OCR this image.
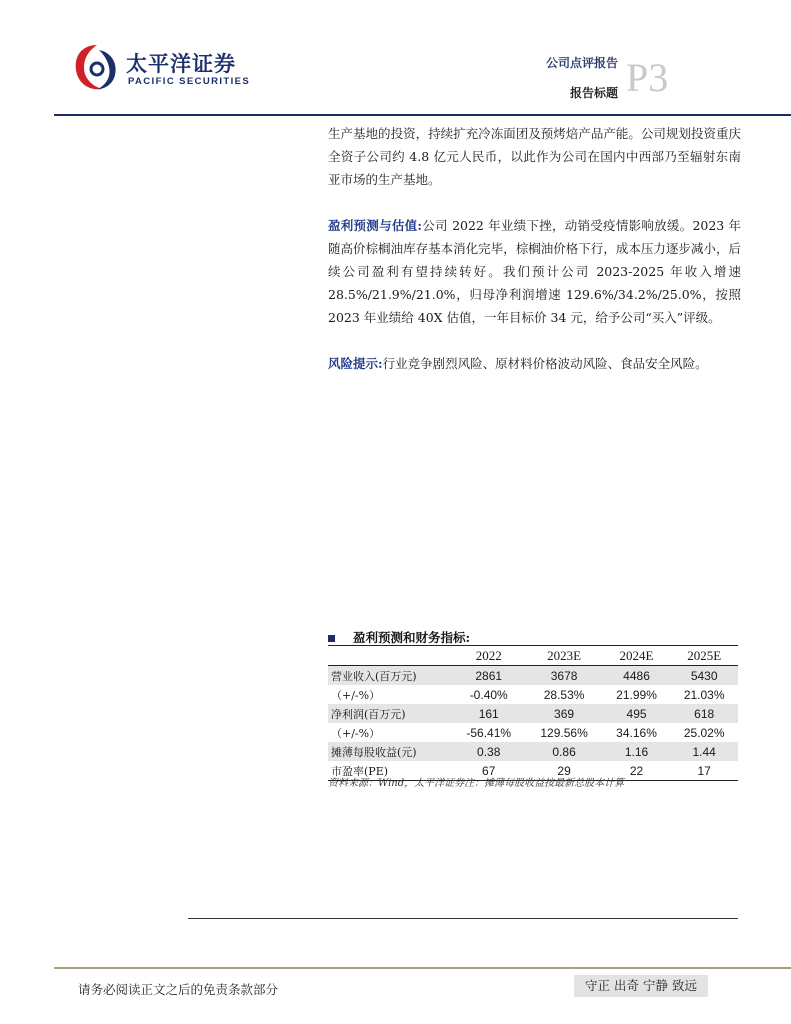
太平洋证券
PACIFIC SECURITIES
公司点评报告
报告标题 P3

生产基地的投资，持续扩充冷冻面团及预烤焙产品产能。公司规划投资重庆全资子公司约 4.8 亿元人民币，以此作为公司在国内中西部乃至辐射东南亚市场的生产基地。

盈利预测与估值:公司 2022 年业绩下挫，动销受疫情影响放缓。2023 年随高价棕榈油库存基本消化完毕，棕榈油价格下行，成本压力逐步减小，后续公司盈利有望持续转好。我们预计公司 2023-2025 年收入增速 28.5%/21.9%/21.0%，归母净利润增速 129.6%/34.2%/25.0%，按照 2023 年业绩给 40X 估值，一年目标价 34 元，给予公司“买入”评级。

风险提示:行业竞争剧烈风险、原材料价格波动风险、食品安全风险。

盈利预测和财务指标:
	2022	2023E	2024E	2025E
营业收入(百万元)	2861	3678	4486	5430
（+/-%）	-0.40%	28.53%	21.99%	21.03%
净利润(百万元)	161	369	495	618
（+/-%）	-56.41%	129.56%	34.16%	25.02%
摊薄每股收益(元)	0.38	0.86	1.16	1.44
市盈率(PE)	67	29	22	17
资料来源：Wind，太平洋证券注：摊薄每股收益按最新总股本计算
请务必阅读正文之后的免责条款部分	守正 出奇 宁静 致远
